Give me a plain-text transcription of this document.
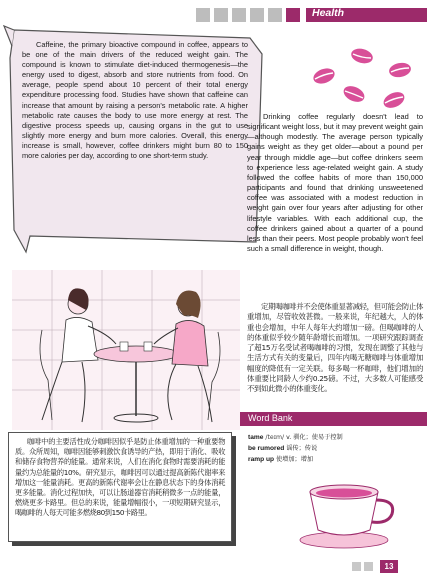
Health

Caffeine, the primary bioactive compound in coffee, appears to be one of the main drivers of the reduced weight gain. The compound is known to stimulate diet-induced thermogenesis—the energy used to digest, absorb and store nutrients from food. On average, people spend about 10 percent of their total energy expenditure processing food. Studies have shown that caffeine can increase that amount by raising a person's metabolic rate. A higher metabolic rate causes the body to use more energy at rest. The digestive process speeds up, causing organs in the gut to use slightly more energy and burn more calories. Overall, this energy increase is small, however, coffee drinkers might burn 80 to 150 more calories per day, according to one short-term study.

Drinking coffee regularly doesn't lead to significant weight loss, but it may prevent weight gain—although modestly. The average person typically gains weight as they get older—about a pound per year through middle age—but coffee drinkers seem to experience less age-related weight gain. A study followed the coffee habits of more than 150,000 participants and found that drinking unsweetened coffee was associated with a modest reduction in weight gain over four years after adjusting for other lifestyle variables. With each additional cup, the coffee drinkers gained about a quarter of a pound less than their peers. Most people probably won't feel such a small difference in weight, though.

定期喝咖啡并不会使体重显著减轻，但可能会防止体重增加，尽管收效甚微。一般来说，年纪越大，人的体重也会增加，中年人每年大约增加一磅。但喝咖啡的人的体重似乎较少随年龄增长而增加。一项研究跟踪调查了超15万名受试者喝咖啡的习惯，发现在调整了其他与生活方式有关的变量后，四年内喝无糖咖啡与体重增加幅度的降低有一定关联。每多喝一杯咖啡，他们增加的体重要比同龄人少约0.25磅。不过，大多数人可能感受不到如此微小的体重变化。

咖啡中的主要活性成分咖啡因似乎是防止体重增加的一种重要物质。众所周知，咖啡因能够刺激饮食诱导的产热，即用于消化、吸收和储存食物营养的能量。通常来说，人们在消化食物时需要消耗的能量约为总能量的10%。研究显示，咖啡因可以通过提高新陈代谢率来增加这一能量消耗。更高的新陈代谢率会让在静息状态下的身体消耗更多能量。消化过程加快，可以让肠道器官消耗稍微多一点的能量，燃烧更多卡路里。但总的来说，能量增幅很小，一项短期研究显示，喝咖啡的人每天可能多燃烧80到150卡路里。

Word Bank
tame /teɪm/ v. 驯化；使易于控制
be rumored 谣传；传说
ramp up 使增加；增加
13
